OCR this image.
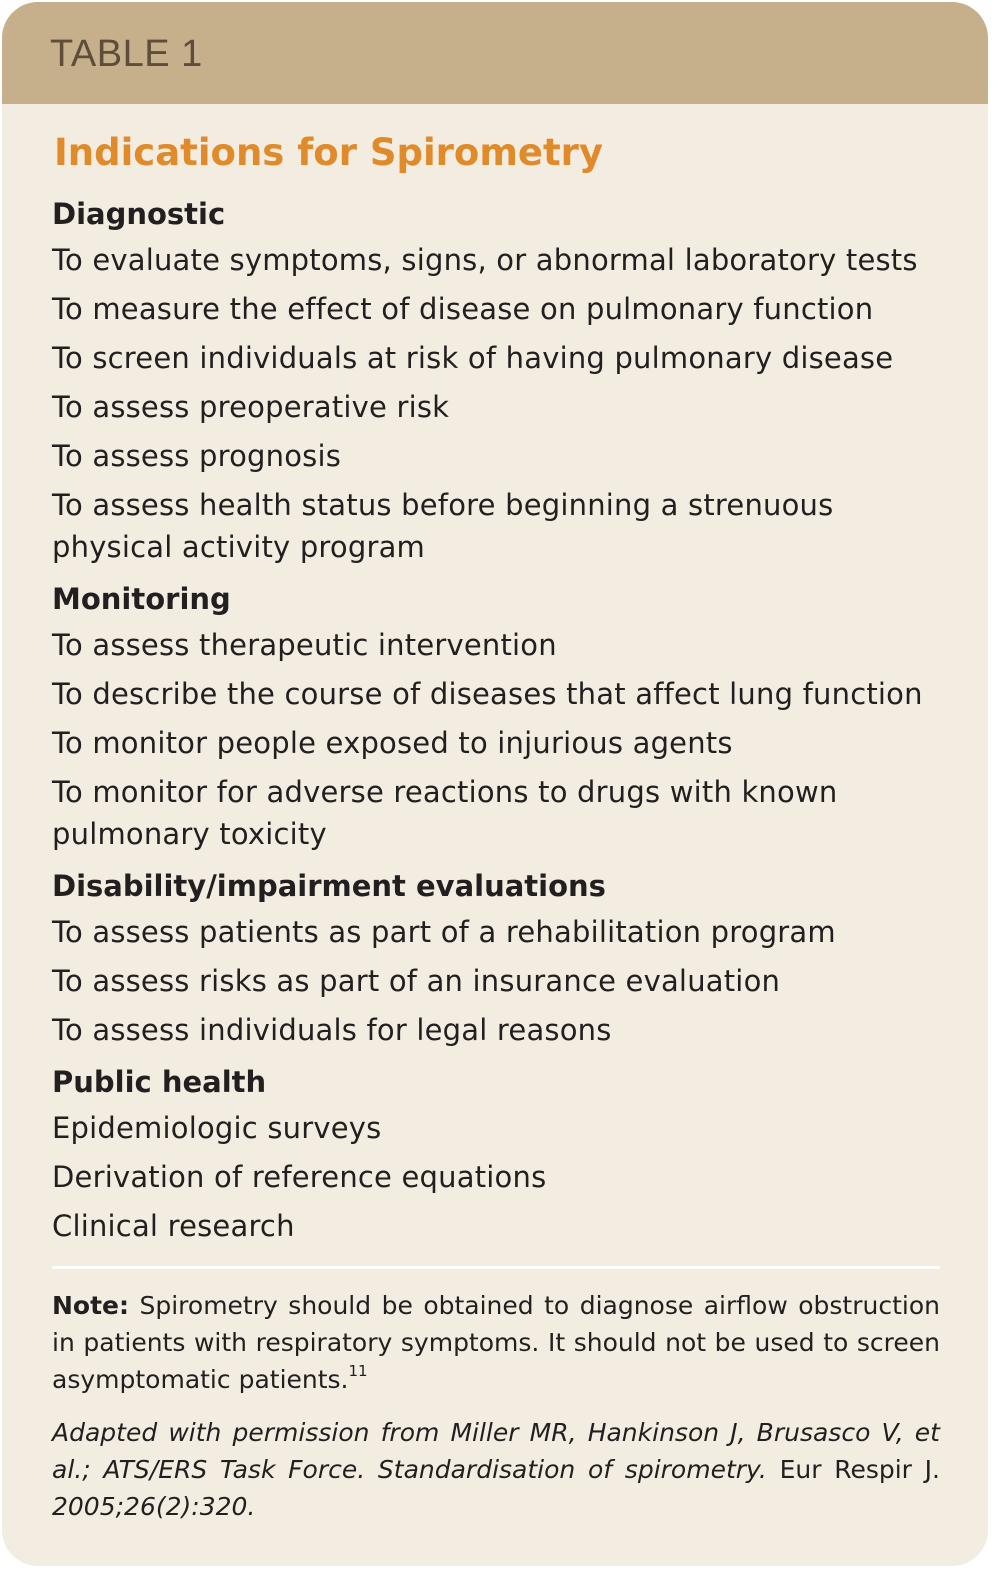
TABLE 1
Indications for Spirometry
Diagnostic
To evaluate symptoms, signs, or abnormal laboratory tests
To measure the effect of disease on pulmonary function
To screen individuals at risk of having pulmonary disease
To assess preoperative risk
To assess prognosis
To assess health status before beginning a strenuous physical activity program
Monitoring
To assess therapeutic intervention
To describe the course of diseases that affect lung function
To monitor people exposed to injurious agents
To monitor for adverse reactions to drugs with known pulmonary toxicity
Disability/impairment evaluations
To assess patients as part of a rehabilitation program
To assess risks as part of an insurance evaluation
To assess individuals for legal reasons
Public health
Epidemiologic surveys
Derivation of reference equations
Clinical research
Note: Spirometry should be obtained to diagnose airflow obstruction in patients with respiratory symptoms. It should not be used to screen asymptomatic patients.$^{11}$
Adapted with permission from Miller MR, Hankinson J, Brusasco V, et al.; ATS/ERS Task Force. Standardisation of spirometry. Eur Respir J. 2005;26(2):320.
